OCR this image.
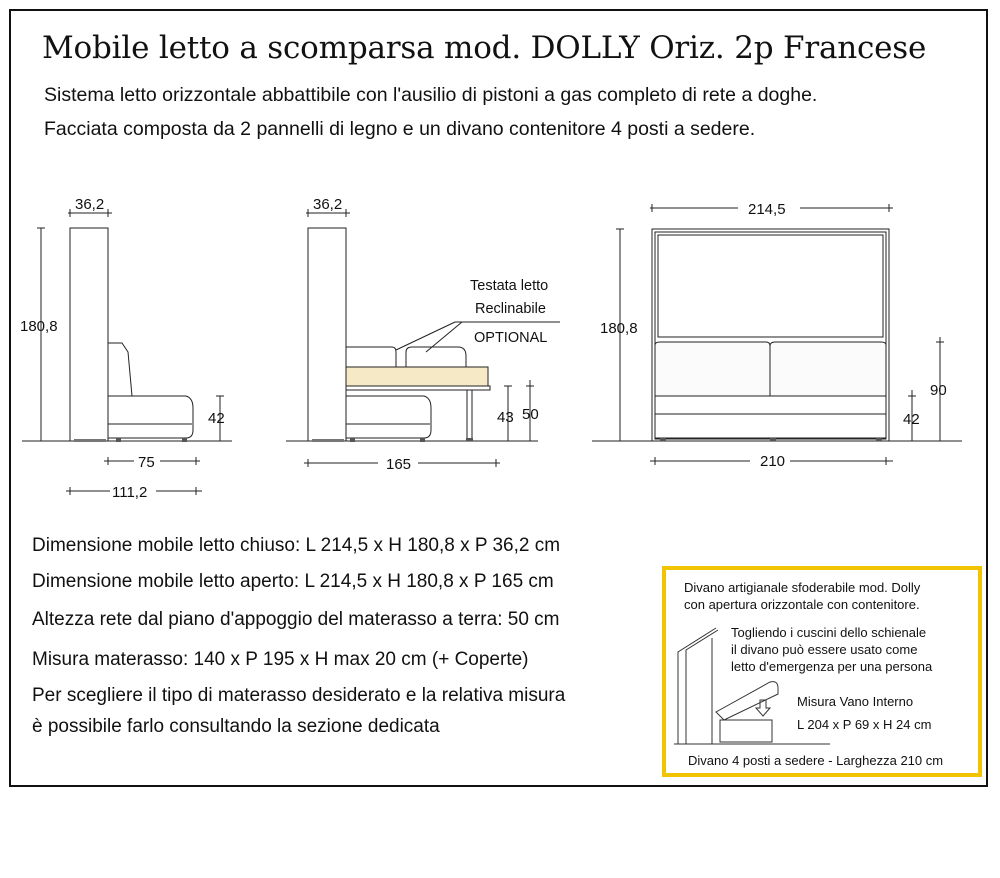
Mobile letto a scomparsa mod. DOLLY Oriz. 2p Francese
Sistema letto orizzontale abbattibile con l'ausilio di pistoni a gas completo di rete a doghe.
Facciata composta da 2 pannelli di legno e un divano contenitore 4 posti a sedere.
36,2
180,8
42
75
111,2
36,2
Testata letto
Reclinabile
OPTIONAL
43 50
165
214,5
180,8
90
42
210
Dimensione mobile letto chiuso: L 214,5 x H 180,8 x P 36,2 cm
Dimensione mobile letto aperto: L 214,5 x H 180,8 x P 165 cm
Altezza rete dal piano d'appoggio del materasso a terra: 50 cm
Misura materasso: 140 x P 195 x H max 20 cm (+ Coperte)
Per scegliere il tipo di materasso desiderato e la relativa misura
è possibile farlo consultando la sezione dedicata
Divano artigianale sfoderabile mod. Dolly
con apertura orizzontale con contenitore.
Togliendo i cuscini dello schienale
il divano può essere usato come
letto d'emergenza per una persona
Misura Vano Interno
L 204 x P 69 x H 24 cm
Divano 4 posti a sedere - Larghezza 210 cm
